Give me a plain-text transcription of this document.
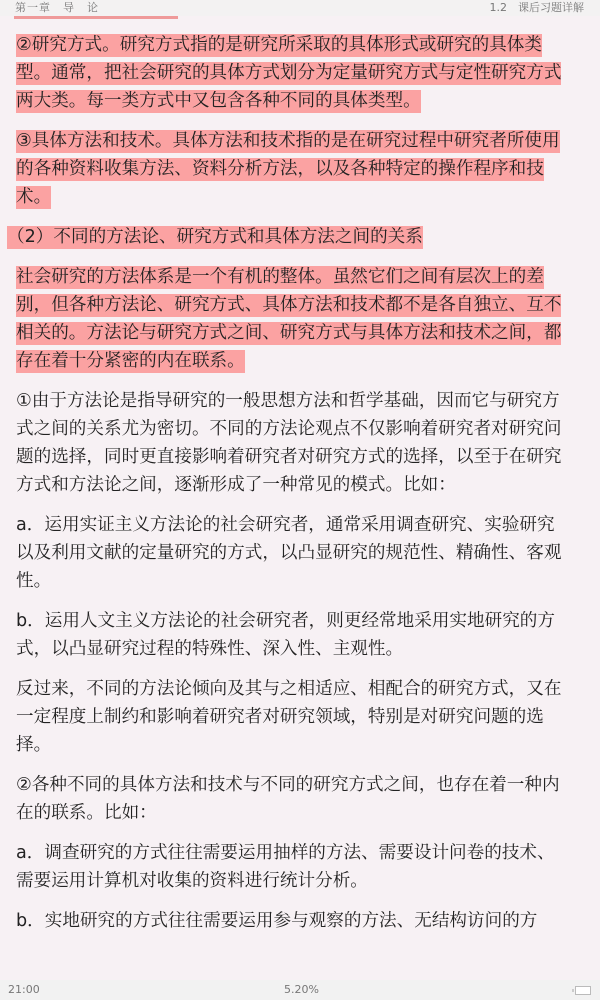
第一章　导　论	1.2　课后习题详解
②研究方式。研究方式指的是研究所采取的具体形式或研究的具体类
型。通常，把社会研究的具体方式划分为定量研究方式与定性研究方式
两大类。每一类方式中又包含各种不同的具体类型。
③具体方法和技术。具体方法和技术指的是在研究过程中研究者所使用
的各种资料收集方法、资料分析方法，以及各种特定的操作程序和技
术。
（2）不同的方法论、研究方式和具体方法之间的关系
社会研究的方法体系是一个有机的整体。虽然它们之间有层次上的差
别，但各种方法论、研究方式、具体方法和技术都不是各自独立、互不
相关的。方法论与研究方式之间、研究方式与具体方法和技术之间，都
存在着十分紧密的内在联系。
①由于方法论是指导研究的一般思想方法和哲学基础，因而它与研究方
式之间的关系尤为密切。不同的方法论观点不仅影响着研究者对研究问
题的选择，同时更直接影响着研究者对研究方式的选择，以至于在研究
方式和方法论之间，逐渐形成了一种常见的模式。比如：
a．运用实证主义方法论的社会研究者，通常采用调查研究、实验研究
以及利用文献的定量研究的方式，以凸显研究的规范性、精确性、客观
性。
b．运用人文主义方法论的社会研究者，则更经常地采用实地研究的方
式，以凸显研究过程的特殊性、深入性、主观性。
反过来，不同的方法论倾向及其与之相适应、相配合的研究方式，又在
一定程度上制约和影响着研究者对研究领域，特别是对研究问题的选
择。
②各种不同的具体方法和技术与不同的研究方式之间，也存在着一种内
在的联系。比如：
a．调查研究的方式往往需要运用抽样的方法、需要设计问卷的技术、
需要运用计算机对收集的资料进行统计分析。
b．实地研究的方式往往需要运用参与观察的方法、无结构访问的方
21:00	5.20%
